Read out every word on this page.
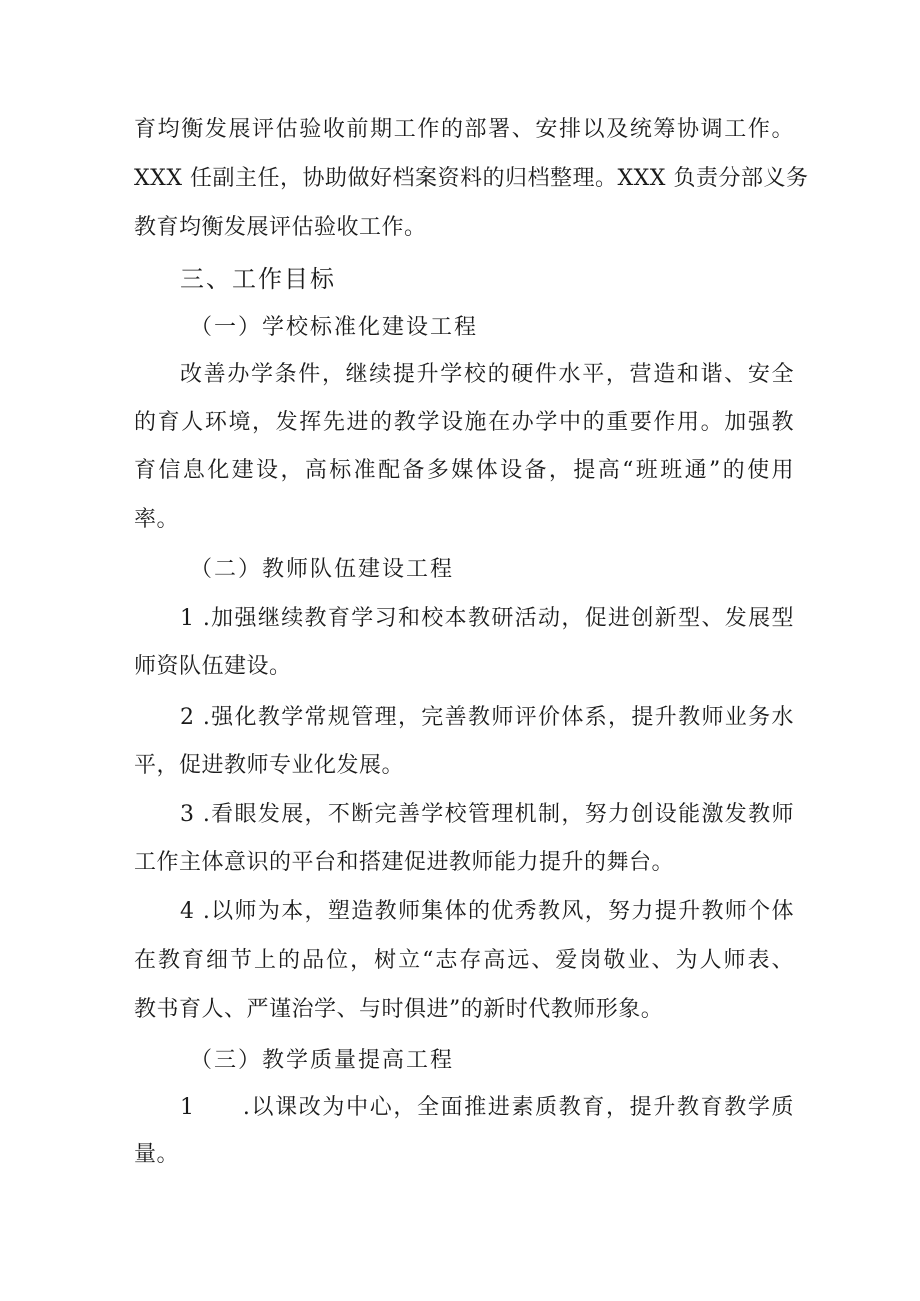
育均衡发展评估验收前期工作的部署、安排以及统筹协调工作。
XXX 任副主任，协助做好档案资料的归档整理。XXX 负责分部义务
教育均衡发展评估验收工作。
三、工作目标
（一）学校标准化建设工程
改善办学条件，继续提升学校的硬件水平，营造和谐、安全
的育人环境，发挥先进的教学设施在办学中的重要作用。加强教
育信息化建设，高标准配备多媒体设备，提高“班班通”的使用
率。
（二）教师队伍建设工程
1 .加强继续教育学习和校本教研活动，促进创新型、发展型
师资队伍建设。
2 .强化教学常规管理，完善教师评价体系，提升教师业务水
平，促进教师专业化发展。
3 .看眼发展，不断完善学校管理机制，努力创设能激发教师
工作主体意识的平台和搭建促进教师能力提升的舞台。
4 .以师为本，塑造教师集体的优秀教风，努力提升教师个体
在教育细节上的品位，树立“志存高远、爱岗敬业、为人师表、
教书育人、严谨治学、与时俱进”的新时代教师形象。
（三）教学质量提高工程
1　　.以课改为中心，全面推进素质教育，提升教育教学质
量。
